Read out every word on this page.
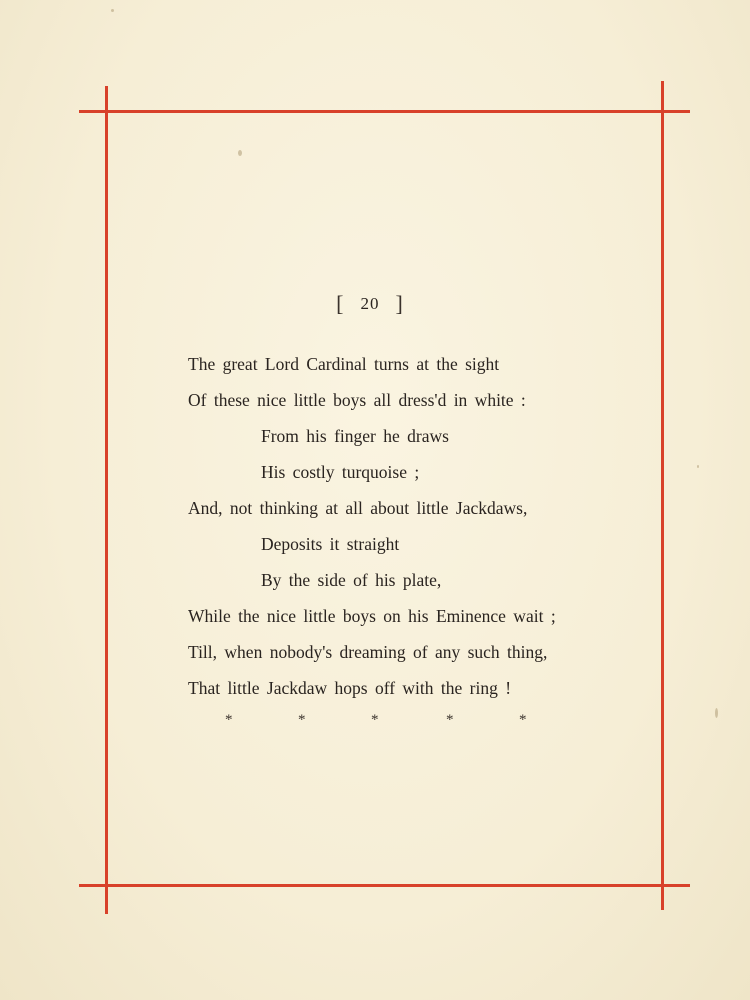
[ 20 ]
The great Lord Cardinal turns at the sight
Of these nice little boys all dress'd in white :
From his finger he draws
His costly turquoise ;
And, not thinking at all about little Jackdaws,
Deposits it straight
By the side of his plate,
While the nice little boys on his Eminence wait ;
Till, when nobody's dreaming of any such thing,
That little Jackdaw hops off with the ring !
*	*	*	*	*
